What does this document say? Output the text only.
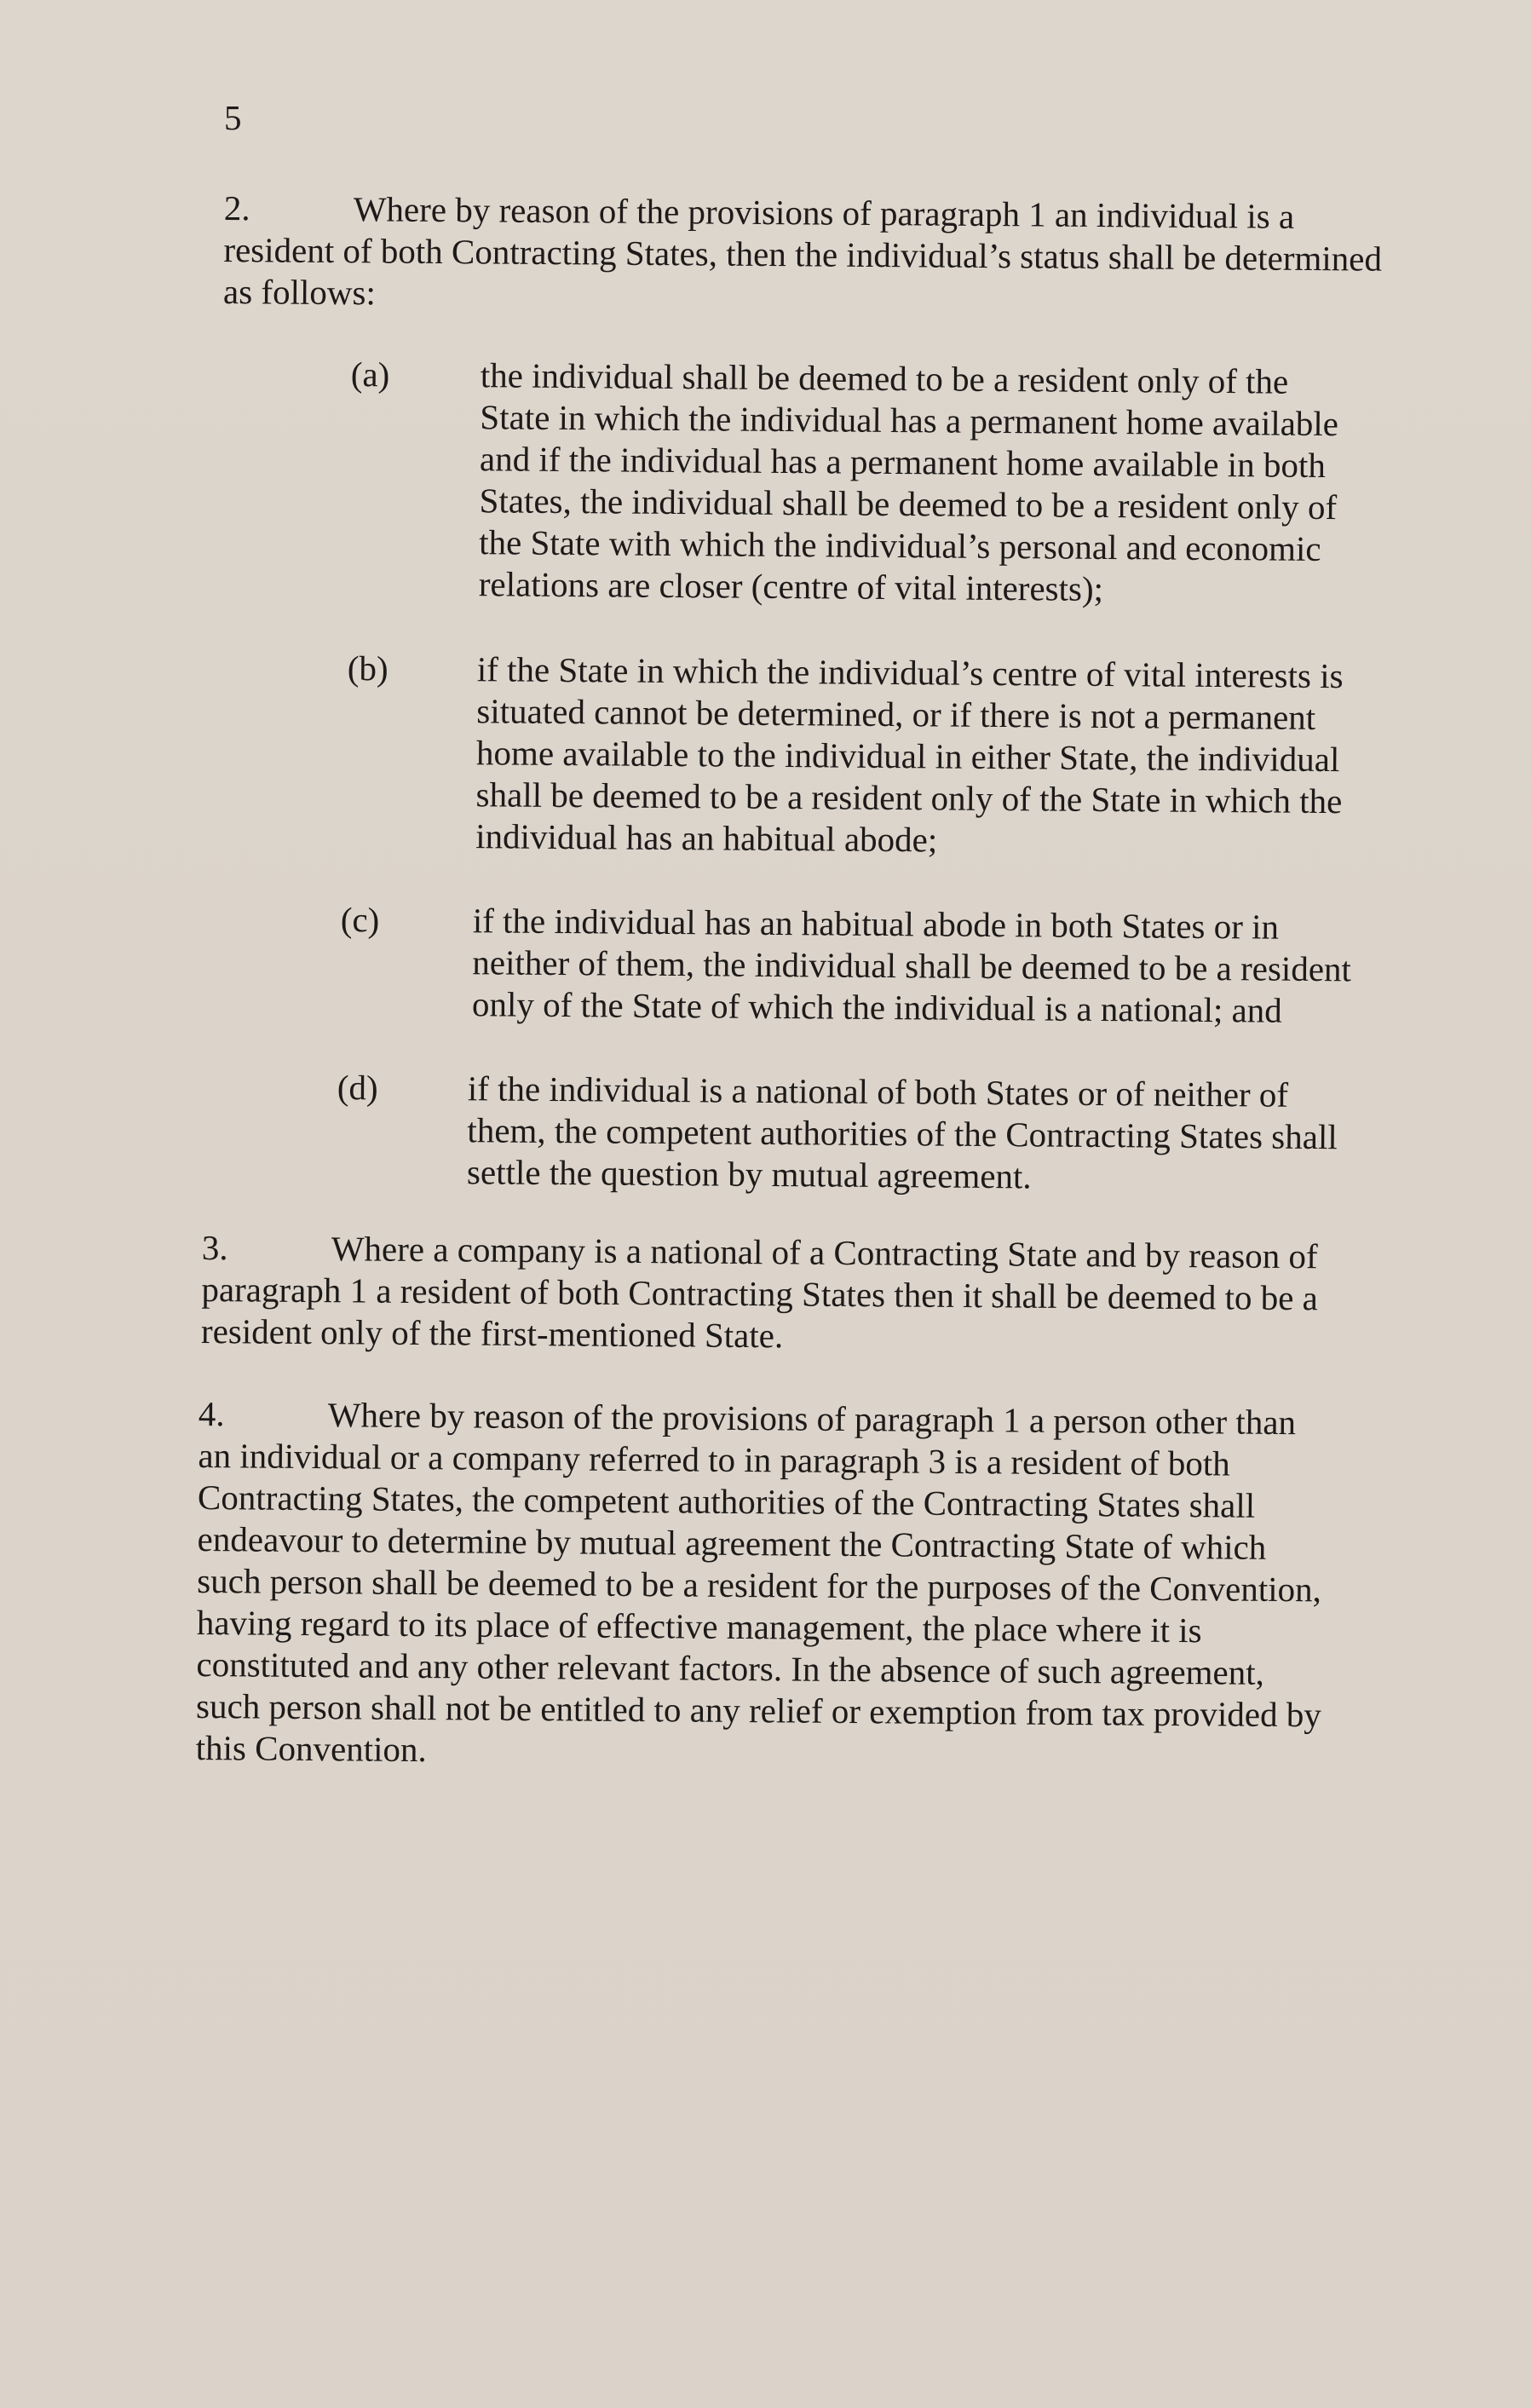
5
2.	Where by reason of the provisions of paragraph 1 an individual is a
resident of both Contracting States, then the individual’s status shall be determined
as follows:
(a)	the individual shall be deemed to be a resident only of the
State in which the individual has a permanent home available
and if the individual has a permanent home available in both
States, the individual shall be deemed to be a resident only of
the State with which the individual’s personal and economic
relations are closer (centre of vital interests);
(b)	if the State in which the individual’s centre of vital interests is
situated cannot be determined, or if there is not a permanent
home available to the individual in either State, the individual
shall be deemed to be a resident only of the State in which the
individual has an habitual abode;
(c)	if the individual has an habitual abode in both States or in
neither of them, the individual shall be deemed to be a resident
only of the State of which the individual is a national; and
(d)	if the individual is a national of both States or of neither of
them, the competent authorities of the Contracting States shall
settle the question by mutual agreement.
3.	Where a company is a national of a Contracting State and by reason of
paragraph 1 a resident of both Contracting States then it shall be deemed to be a
resident only of the first-mentioned State.
4.	Where by reason of the provisions of paragraph 1 a person other than
an individual or a company referred to in paragraph 3 is a resident of both
Contracting States, the competent authorities of the Contracting States shall
endeavour to determine by mutual agreement the Contracting State of which
such person shall be deemed to be a resident for the purposes of the Convention,
having regard to its place of effective management, the place where it is
constituted and any other relevant factors. In the absence of such agreement,
such person shall not be entitled to any relief or exemption from tax provided by
this Convention.
